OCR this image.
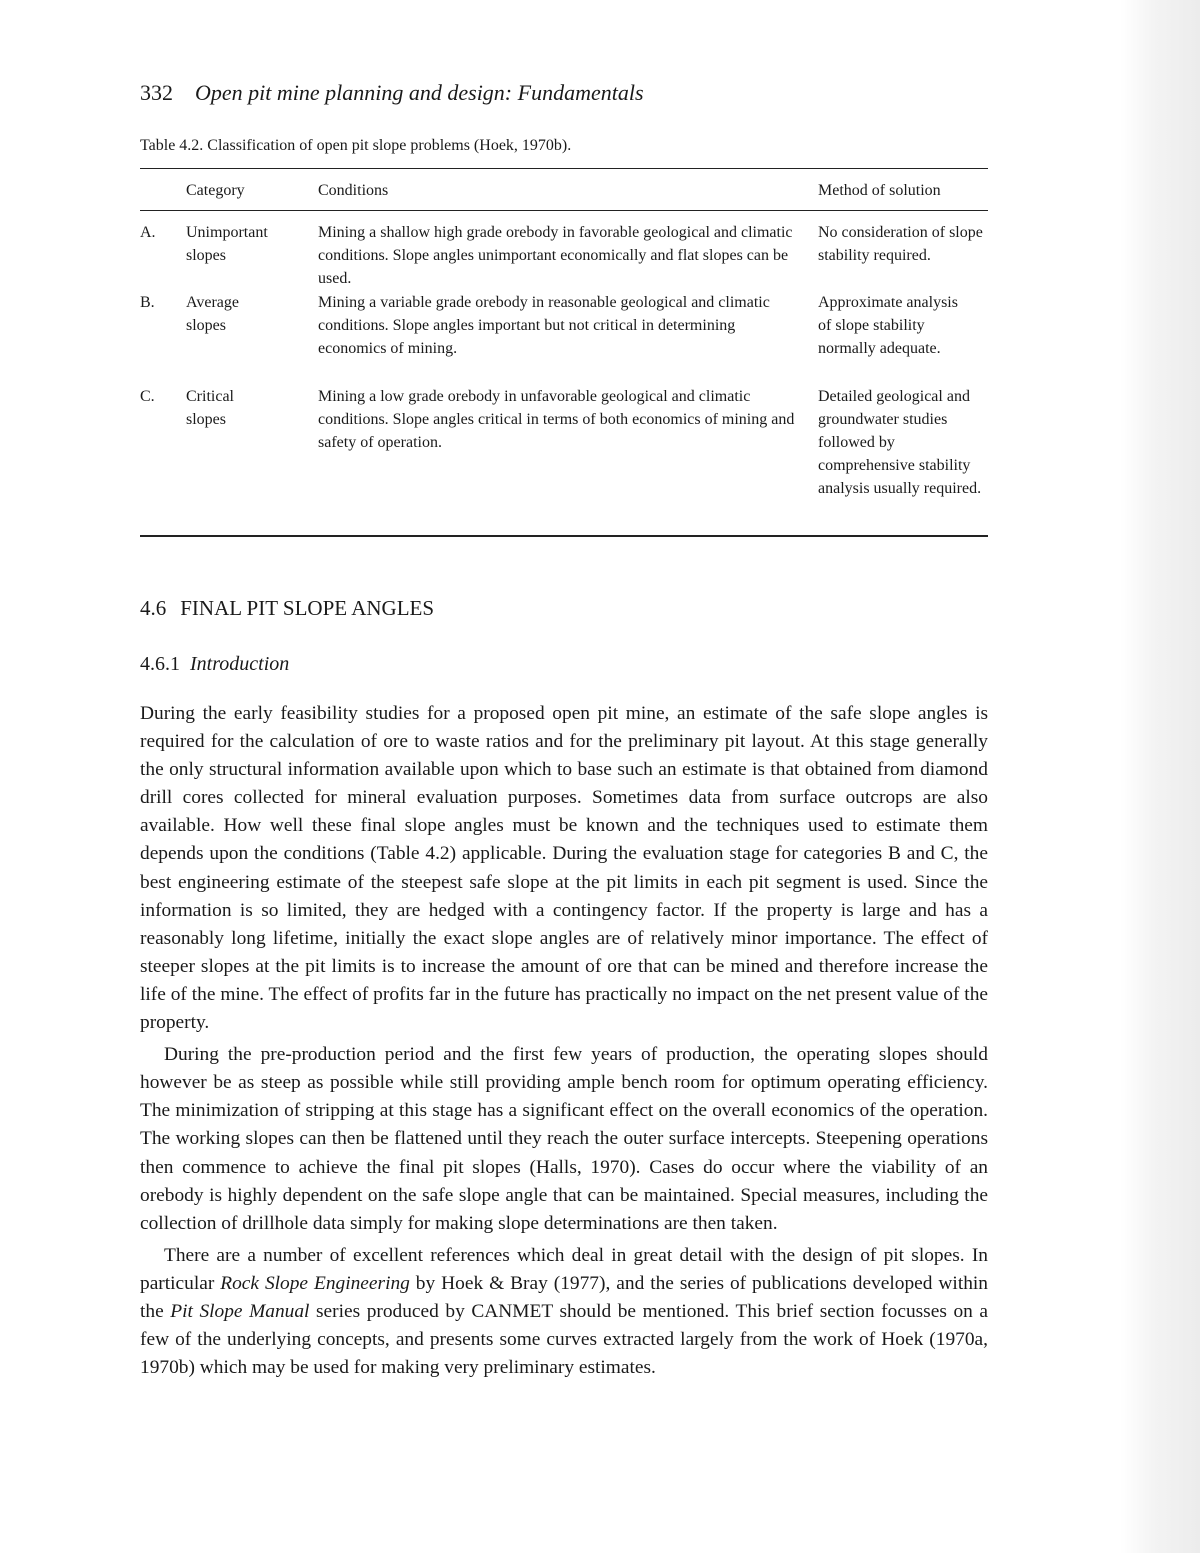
332 Open pit mine planning and design: Fundamentals
Table 4.2. Classification of open pit slope problems (Hoek, 1970b).
Category	Conditions	Method of solution
A. Unimportant slopes
Mining a shallow high grade orebody in favorable geological and climatic conditions. Slope angles unimportant economically and flat slopes can be used.
No consideration of slope stability required.
B. Average slopes
Mining a variable grade orebody in reasonable geological and climatic conditions. Slope angles important but not critical in determining economics of mining.
Approximate analysis of slope stability normally adequate.
C. Critical slopes
Mining a low grade orebody in unfavorable geological and climatic conditions. Slope angles critical in terms of both economics of mining and safety of operation.
Detailed geological and groundwater studies followed by comprehensive stability analysis usually required.
4.6 FINAL PIT SLOPE ANGLES
4.6.1 Introduction

During the early feasibility studies for a proposed open pit mine, an estimate of the safe slope angles is required for the calculation of ore to waste ratios and for the preliminary pit layout. At this stage generally the only structural information available upon which to base such an estimate is that obtained from diamond drill cores collected for mineral evaluation purposes. Sometimes data from surface outcrops are also available. How well these final slope angles must be known and the techniques used to estimate them depends upon the conditions (Table 4.2) applicable. During the evaluation stage for categories B and C, the best engineering estimate of the steepest safe slope at the pit limits in each pit segment is used. Since the information is so limited, they are hedged with a contingency factor. If the property is large and has a reasonably long lifetime, initially the exact slope angles are of relatively minor importance. The effect of steeper slopes at the pit limits is to increase the amount of ore that can be mined and therefore increase the life of the mine. The effect of profits far in the future has practically no impact on the net present value of the property.

During the pre-production period and the first few years of production, the operating slopes should however be as steep as possible while still providing ample bench room for optimum operating efficiency. The minimization of stripping at this stage has a significant effect on the overall economics of the operation. The working slopes can then be flattened until they reach the outer surface intercepts. Steepening operations then commence to achieve the final pit slopes (Halls, 1970). Cases do occur where the viability of an orebody is highly dependent on the safe slope angle that can be maintained. Special measures, including the collection of drillhole data simply for making slope determinations are then taken.

There are a number of excellent references which deal in great detail with the design of pit slopes. In particular Rock Slope Engineering by Hoek & Bray (1977), and the series of publications developed within the Pit Slope Manual series produced by CANMET should be mentioned. This brief section focusses on a few of the underlying concepts, and presents some curves extracted largely from the work of Hoek (1970a, 1970b) which may be used for making very preliminary estimates.
